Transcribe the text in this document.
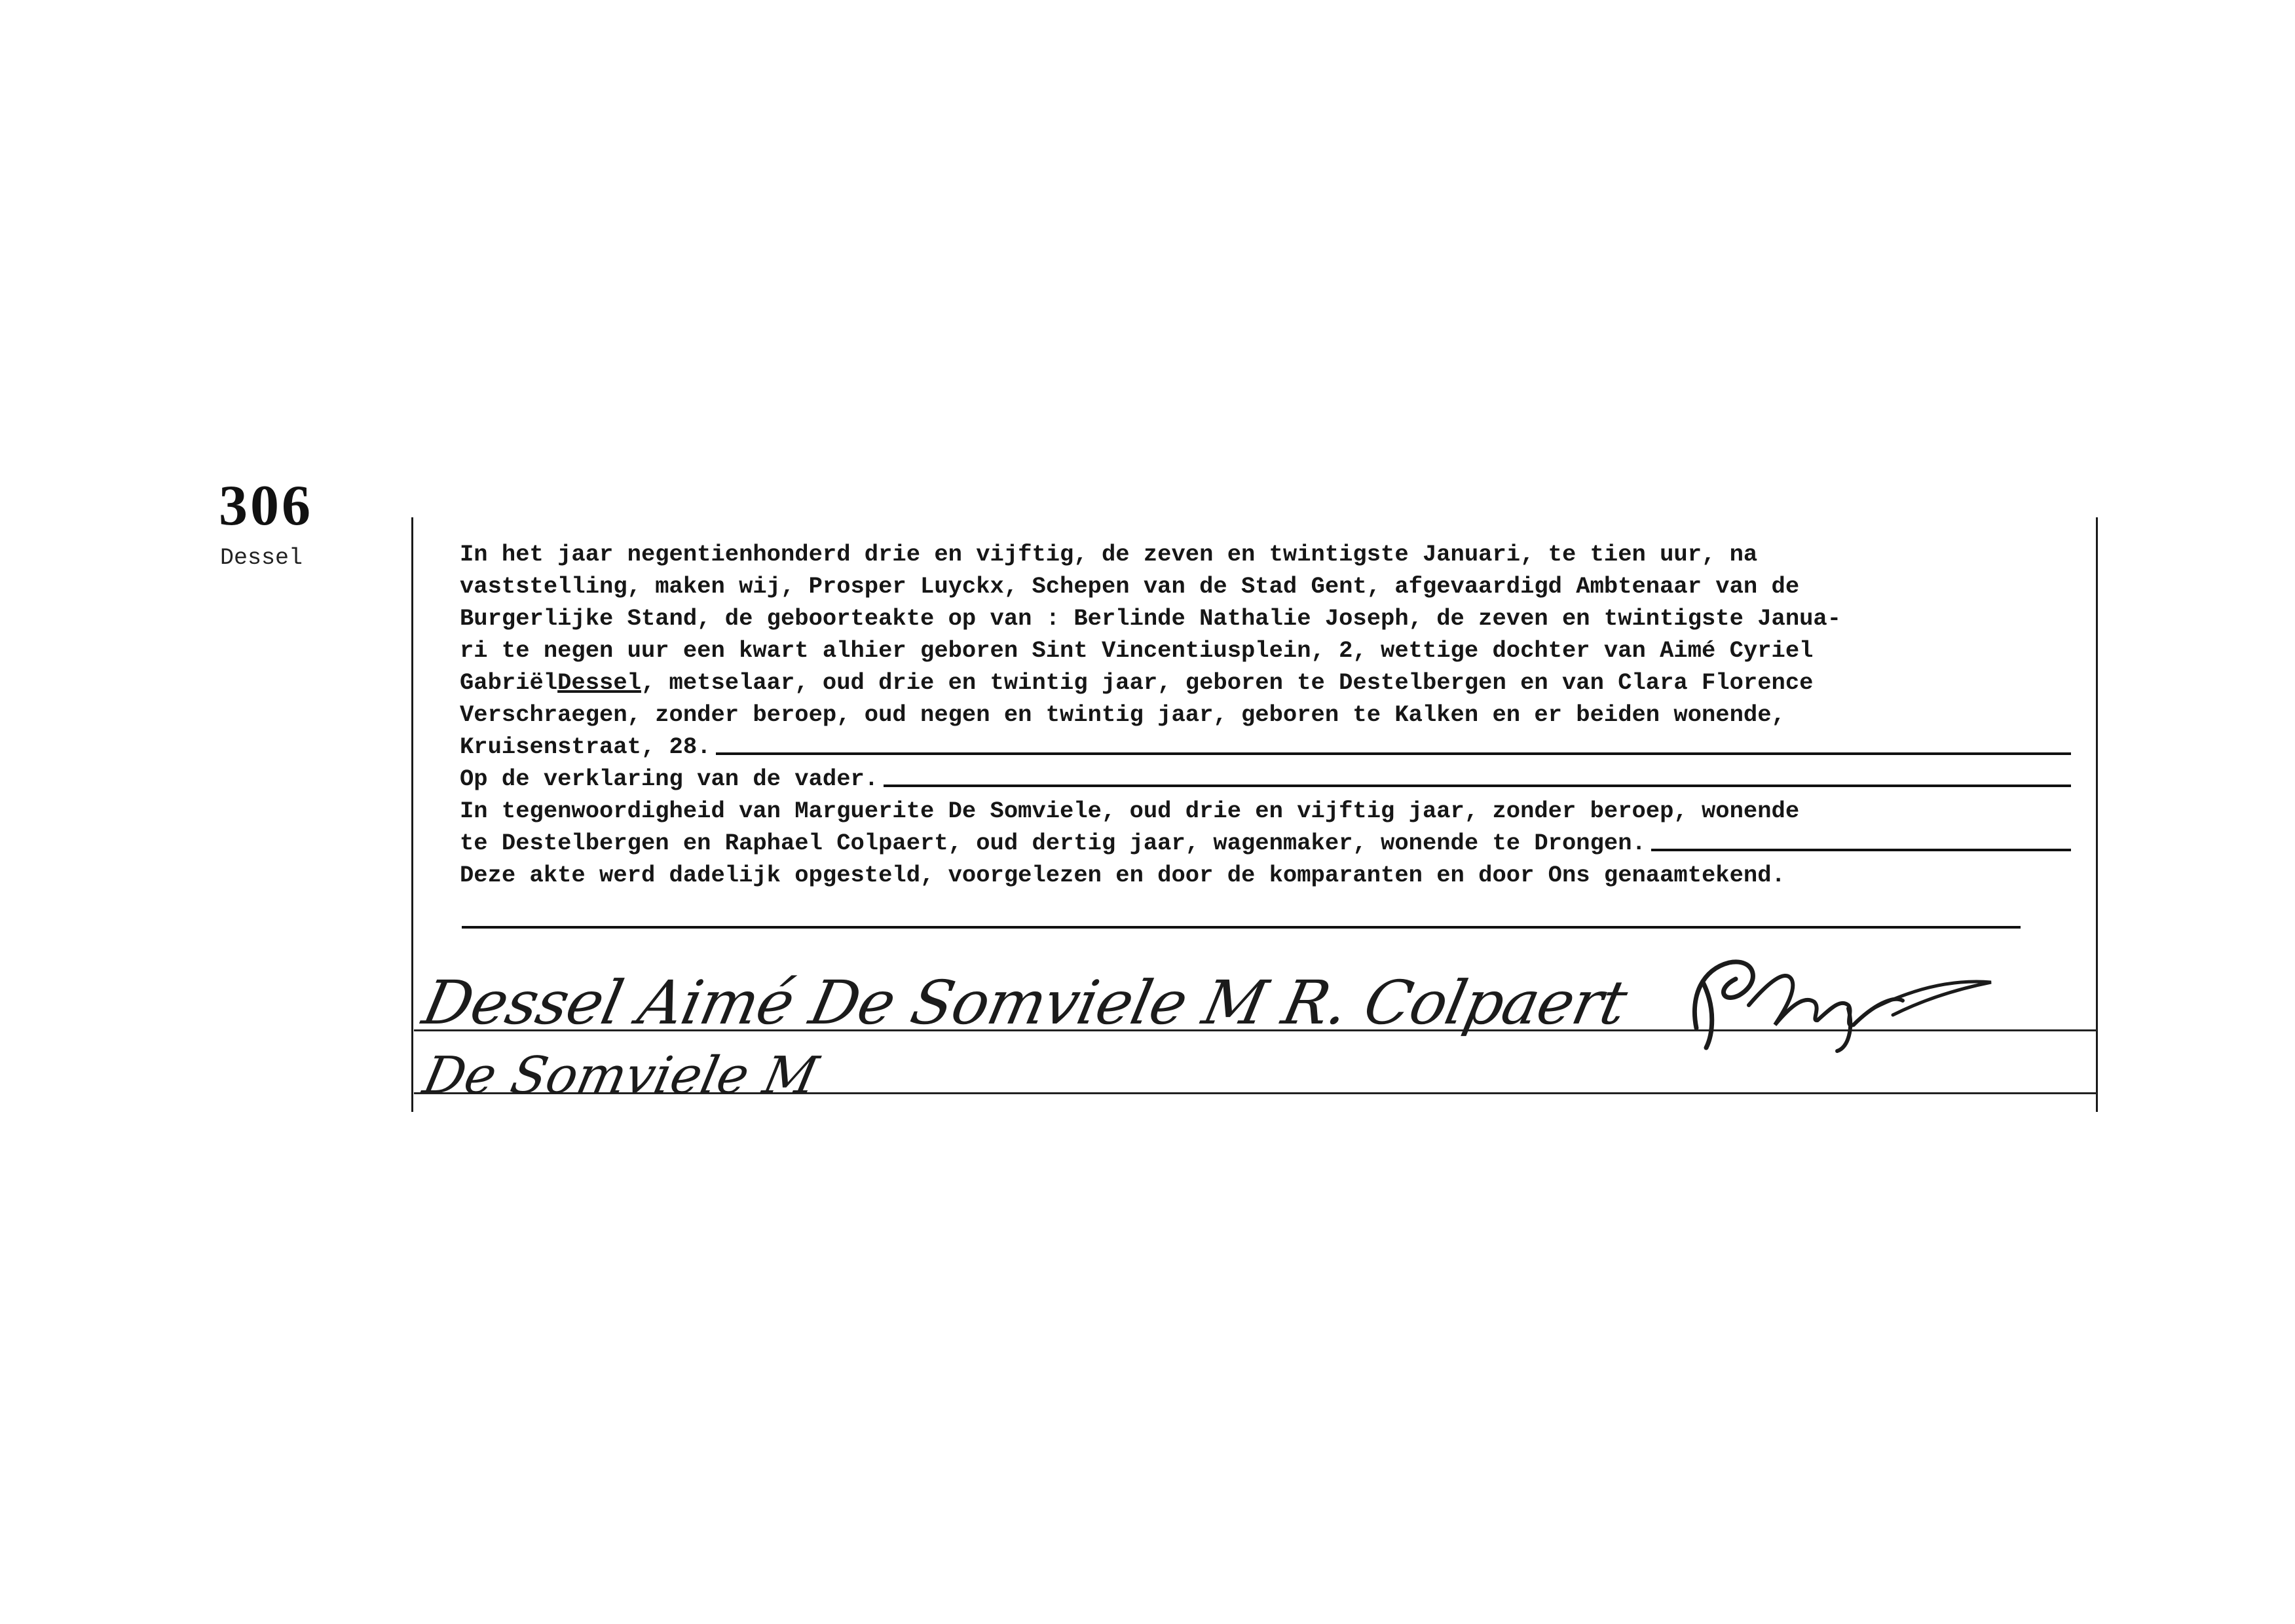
306
Dessel	In het jaar negentienhonderd drie en vijftig, de zeven en twintigste Januari, te tien uur, na
vaststelling, maken wij, Prosper Luyckx, Schepen van de Stad Gent, afgevaardigd Ambtenaar van de
Burgerlijke Stand, de geboorteakte op van : Berlinde Nathalie Joseph, de zeven en twintigste Janua-
ri te negen uur een kwart alhier geboren Sint Vincentiusplein, 2, wettige dochter van Aimé Cyriel
Gabriël Dessel , metselaar, oud drie en twintig jaar, geboren te Destelbergen en van Clara Florence
Verschraegen, zonder beroep, oud negen en twintig jaar, geboren te Kalken en er beiden wonende,
Kruisenstraat, 28.
Op de verklaring van de vader.
In tegenwoordigheid van Marguerite De Somviele, oud drie en vijftig jaar, zonder beroep, wonende
te Destelbergen en Raphael Colpaert, oud dertig jaar, wagenmaker, wonende te Drongen.
Deze akte werd dadelijk opgesteld, voorgelezen en door de komparanten en door Ons genaamtekend.
Dessel Aimé De Somviele M R. Colpaert
De Somviele M
